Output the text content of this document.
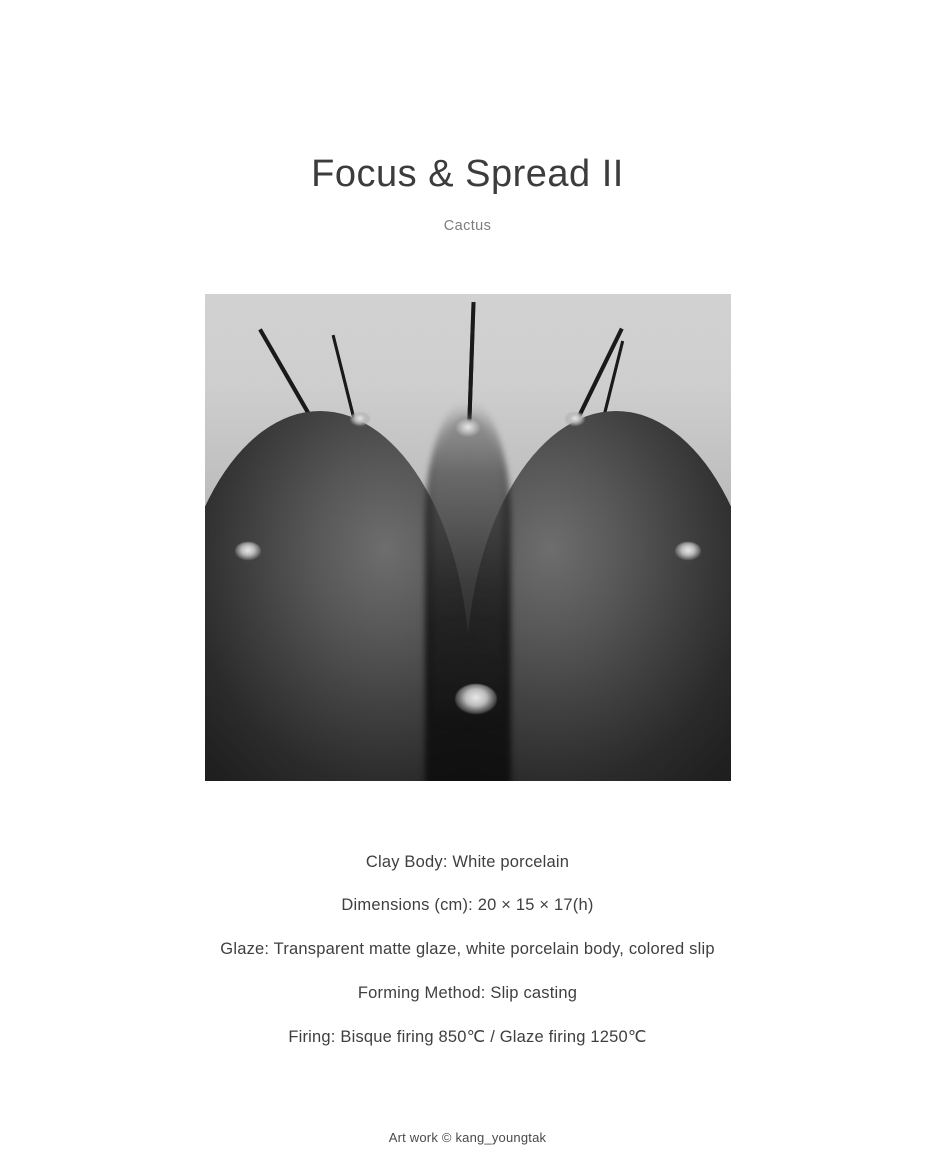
Focus & Spread II
Cactus
Clay Body: White porcelain
Dimensions (cm): 20 × 15 × 17(h)
Glaze: Transparent matte glaze, white porcelain body, colored slip
Forming Method: Slip casting
Firing: Bisque firing 850℃ / Glaze firing 1250℃
Art work © kang_youngtak
